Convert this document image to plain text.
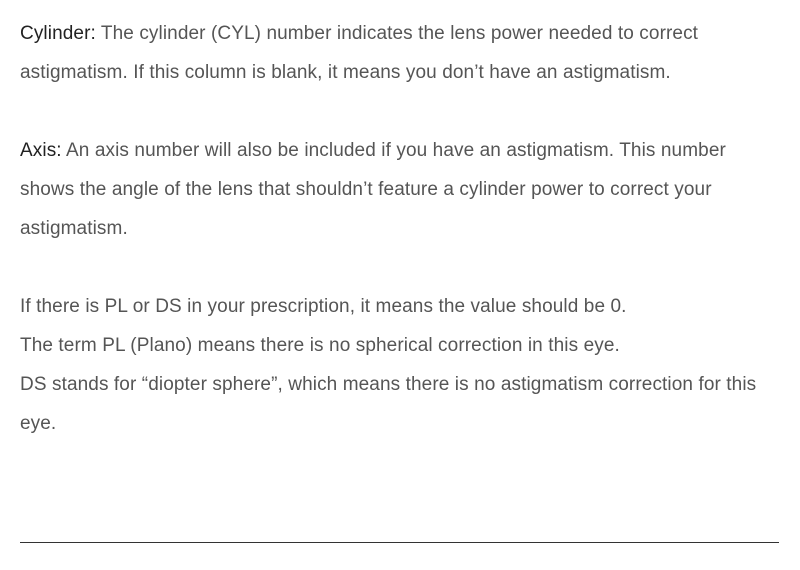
Cylinder: The cylinder (CYL) number indicates the lens power needed to correct astigmatism. If this column is blank, it means you don’t have an astigmatism.

Axis: An axis number will also be included if you have an astigmatism. This number shows the angle of the lens that shouldn’t feature a cylinder power to correct your astigmatism.

If there is PL or DS in your prescription, it means the value should be 0.
The term PL (Plano) means there is no spherical correction in this eye.
DS stands for “diopter sphere”, which means there is no astigmatism correction for this eye.
